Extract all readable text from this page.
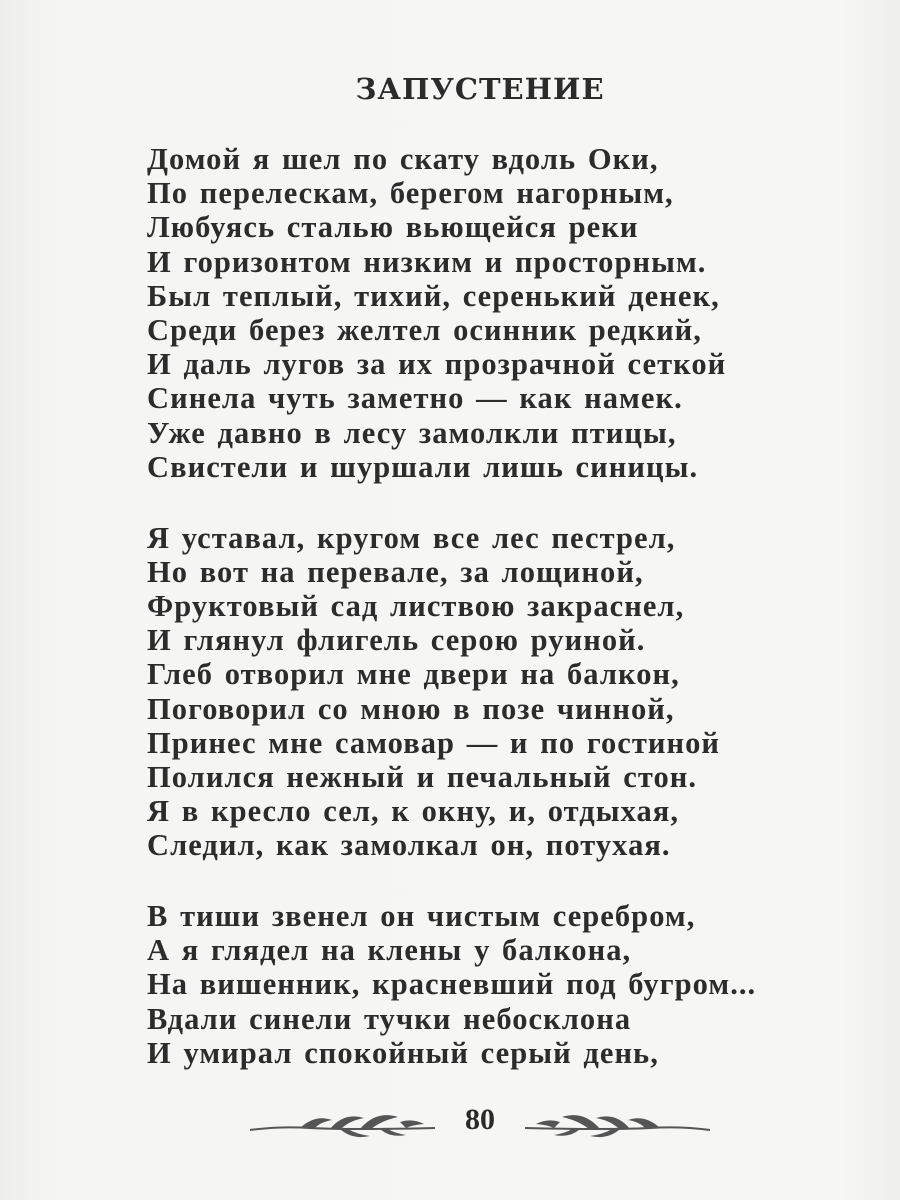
ЗАПУСТЕНИЕ
Домой я шел по скату вдоль Оки,
По перелескам, берегом нагорным,
Любуясь сталью вьющейся реки
И горизонтом низким и просторным.
Был теплый, тихий, серенький денек,
Среди берез желтел осинник редкий,
И даль лугов за их прозрачной сеткой
Синела чуть заметно — как намек.
Уже давно в лесу замолкли птицы,
Свистели и шуршали лишь синицы.
Я уставал, кругом все лес пестрел,
Но вот на перевале, за лощиной,
Фруктовый сад листвою закраснел,
И глянул флигель серою руиной.
Глеб отворил мне двери на балкон,
Поговорил со мною в позе чинной,
Принес мне самовар — и по гостиной
Полился нежный и печальный стон.
Я в кресло сел, к окну, и, отдыхая,
Следил, как замолкал он, потухая.
В тиши звенел он чистым серебром,
А я глядел на клены у балкона,
На вишенник, красневший под бугром...
Вдали синели тучки небосклона
И умирал спокойный серый день,
80
